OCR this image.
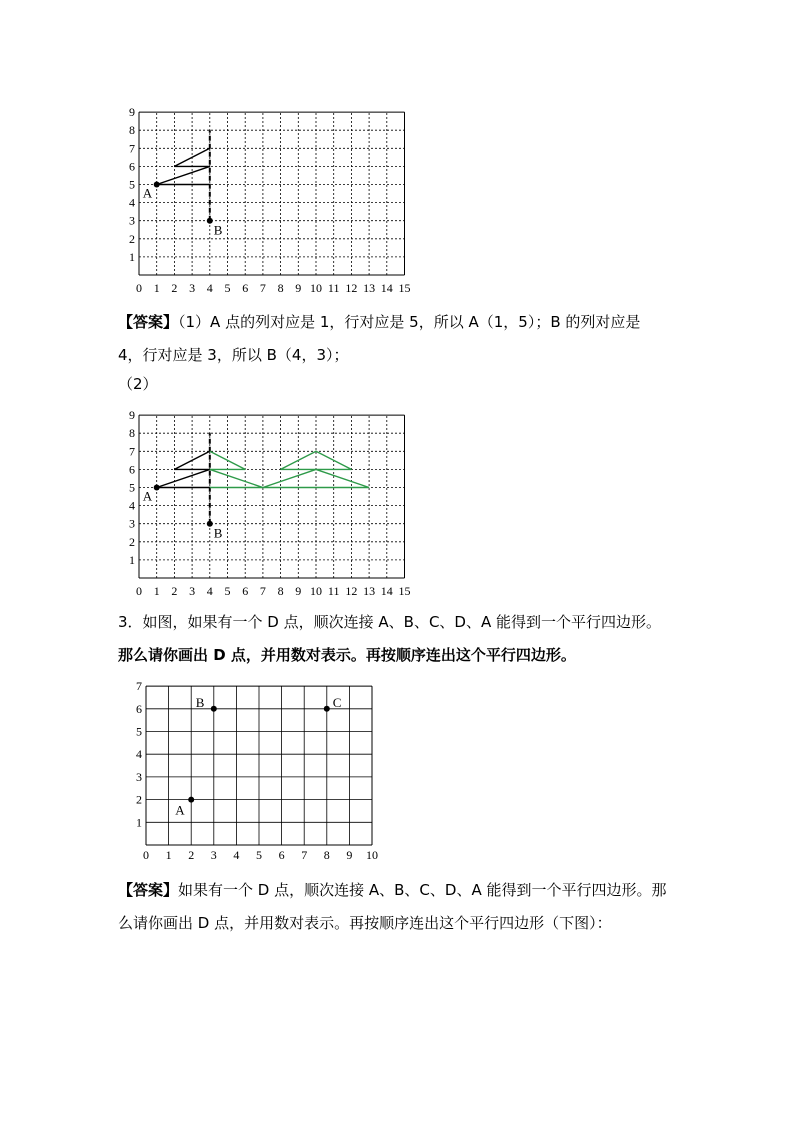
0 1 2 3 4 5 6 7 8 9 10 11 12 13 14 15
1
2
3
4
5
6
7
8
9
A
B
【答案】（1）A 点的列对应是 1，行对应是 5，所以 A（1，5）；B 的列对应是
4，行对应是 3，所以 B（4，3）；
（2）
0 1 2 3 4 5 6 7 8 9 10 11 12 13 14 15
1
2
3
4
5
6
7
8
9
A
B
3．如图，如果有一个 D 点，顺次连接 A、B、C、D、A 能得到一个平行四边形。
那么请你画出 D 点，并用数对表示。再按顺序连出这个平行四边形。
0 1 2 3 4 5 6 7 8 9 10
1
2
3
4
5
6
7
A
B	C
【答案】如果有一个 D 点，顺次连接 A、B、C、D、A 能得到一个平行四边形。那
么请你画出 D 点，并用数对表示。再按顺序连出这个平行四边形（下图）：
